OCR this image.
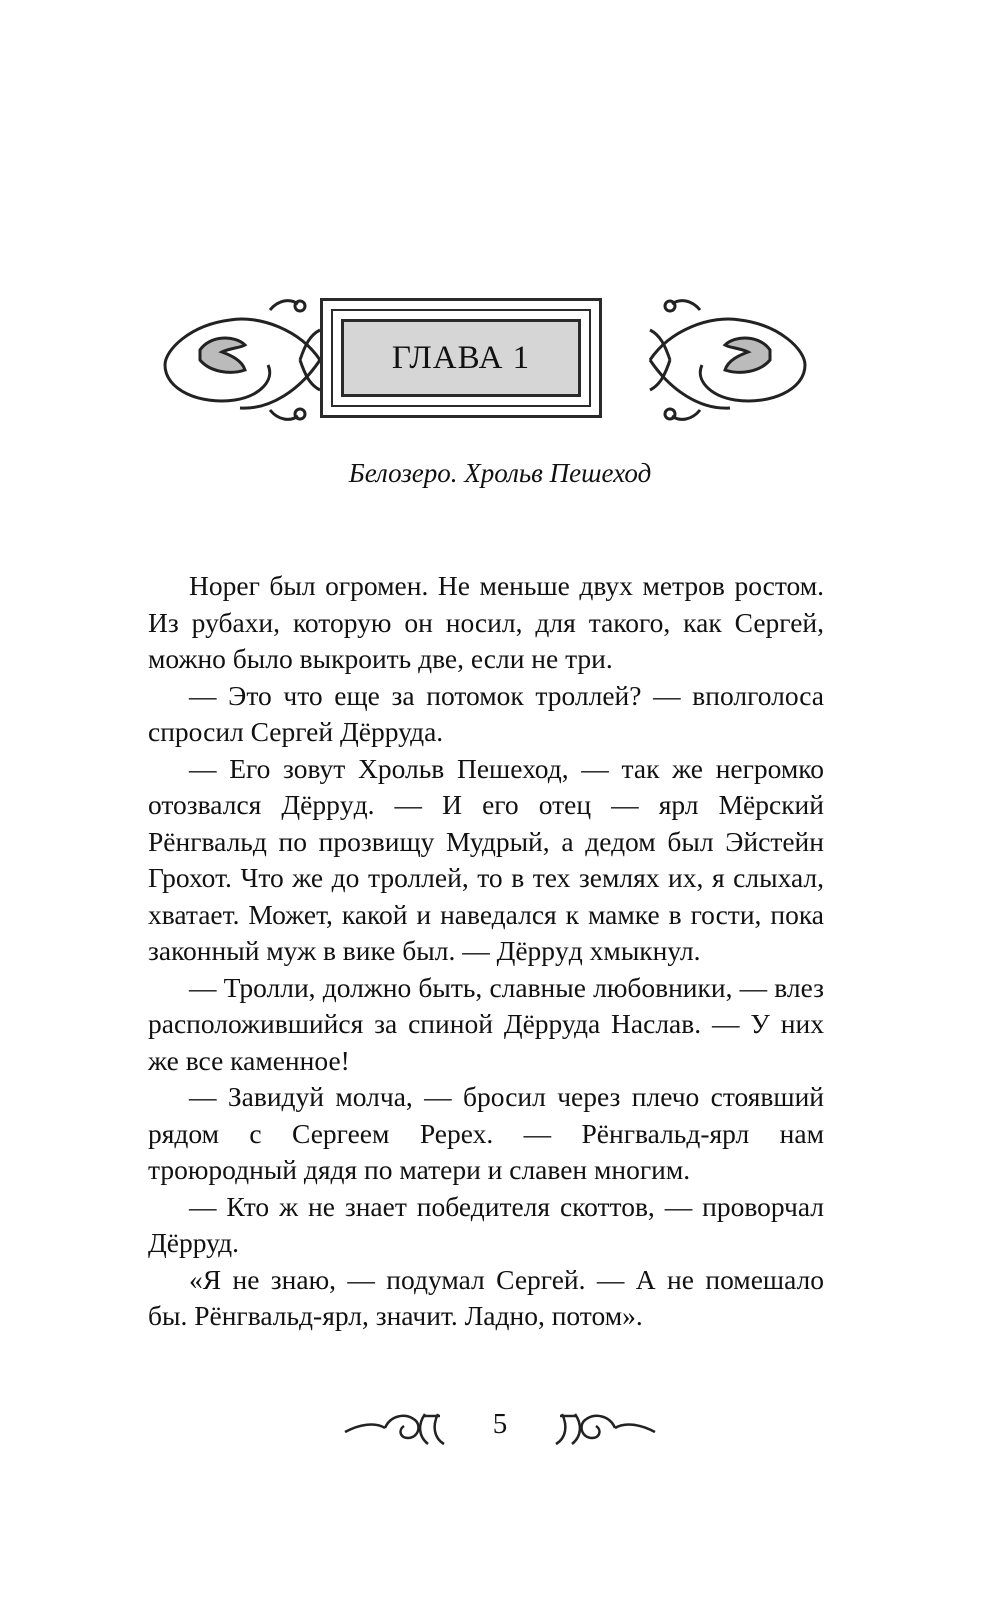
ГЛАВА 1
Белозеро. Хрольв Пешеход

Норег был огромен. Не меньше двух метров ростом. Из рубахи, которую он носил, для такого, как Сергей, можно было выкроить две, если не три.

— Это что еще за потомок троллей? — вполголоса спросил Сергей Дёрруда.

— Его зовут Хрольв Пешеход, — так же негромко отозвался Дёррyд. — И его отец — ярл Мёрский Рёнгвальд по прозвищу Мудрый, а дедом был Эйстейн Грохот. Что же до троллей, то в тех землях их, я слыхал, хватает. Может, какой и наведался к мамке в гости, пока законный муж в вике был. — Дёррyд хмыкнул.

— Тролли, должно быть, славные любовники, — влез расположившийся за спиной Дёрруда Наслав. — У них же все каменное!

— Завидуй молча, — бросил через плечо стоявший рядом с Сергеем Ререх. — Рёнгвальд-ярл нам троюродный дядя по матери и славен многим.

— Кто ж не знает победителя скоттов, — проворчал Дёрруд.

«Я не знаю, — подумал Сергей. — А не помешало бы. Рёнгвальд-ярл, значит. Ладно, потом».

5
